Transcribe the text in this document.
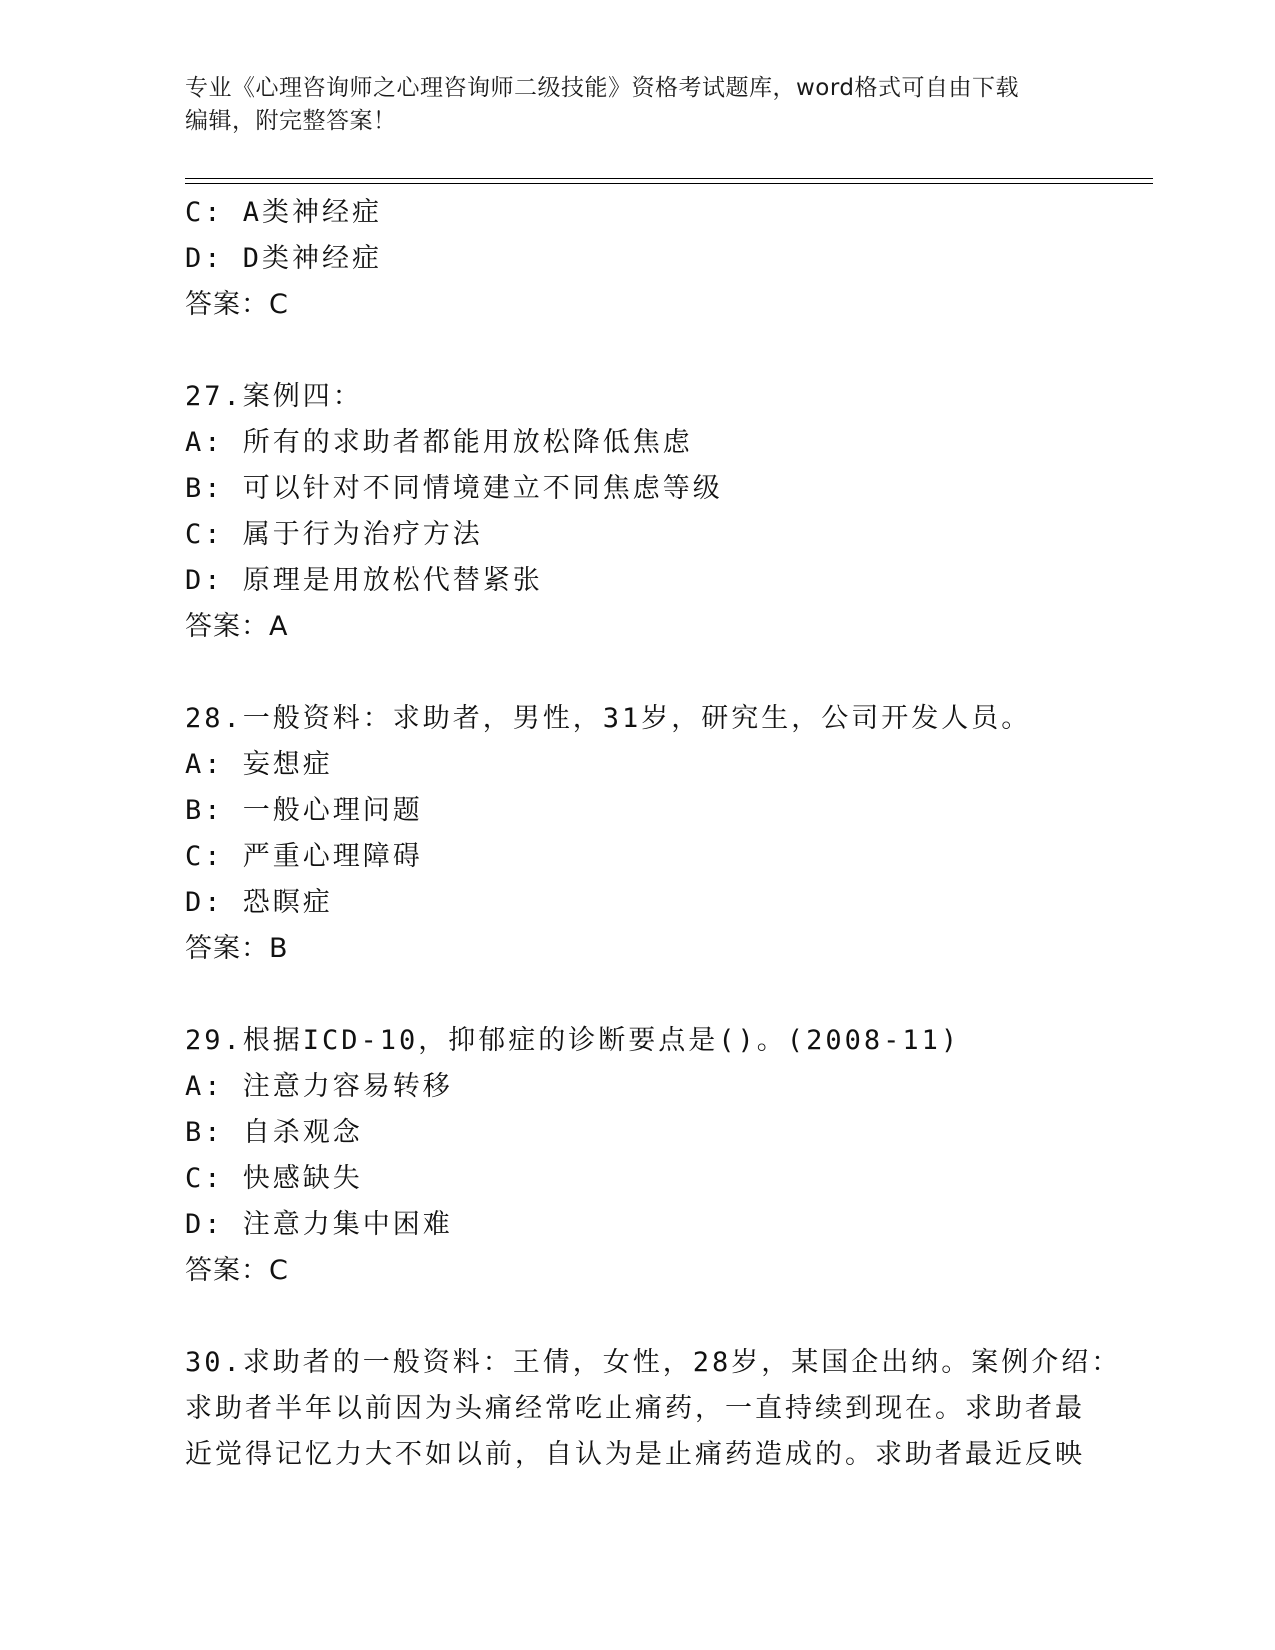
专业《心理咨询师之心理咨询师二级技能》资格考试题库，word格式可自由下载
编辑，附完整答案！
C: A类神经症
D: D类神经症
答案：C
27.案例四：
A: 所有的求助者都能用放松降低焦虑
B: 可以针对不同情境建立不同焦虑等级
C: 属于行为治疗方法
D: 原理是用放松代替紧张
答案：A
28.一般资料：求助者，男性，31岁，研究生，公司开发人员。
A: 妄想症
B: 一般心理问题
C: 严重心理障碍
D: 恐瞑症
答案：B
29.根据ICD-10，抑郁症的诊断要点是()。(2008-11)
A: 注意力容易转移
B: 自杀观念
C: 快感缺失
D: 注意力集中困难
答案：C
30.求助者的一般资料：王倩，女性，28岁，某国企出纳。案例介绍：
求助者半年以前因为头痛经常吃止痛药，一直持续到现在。求助者最
近觉得记忆力大不如以前，自认为是止痛药造成的。求助者最近反映
